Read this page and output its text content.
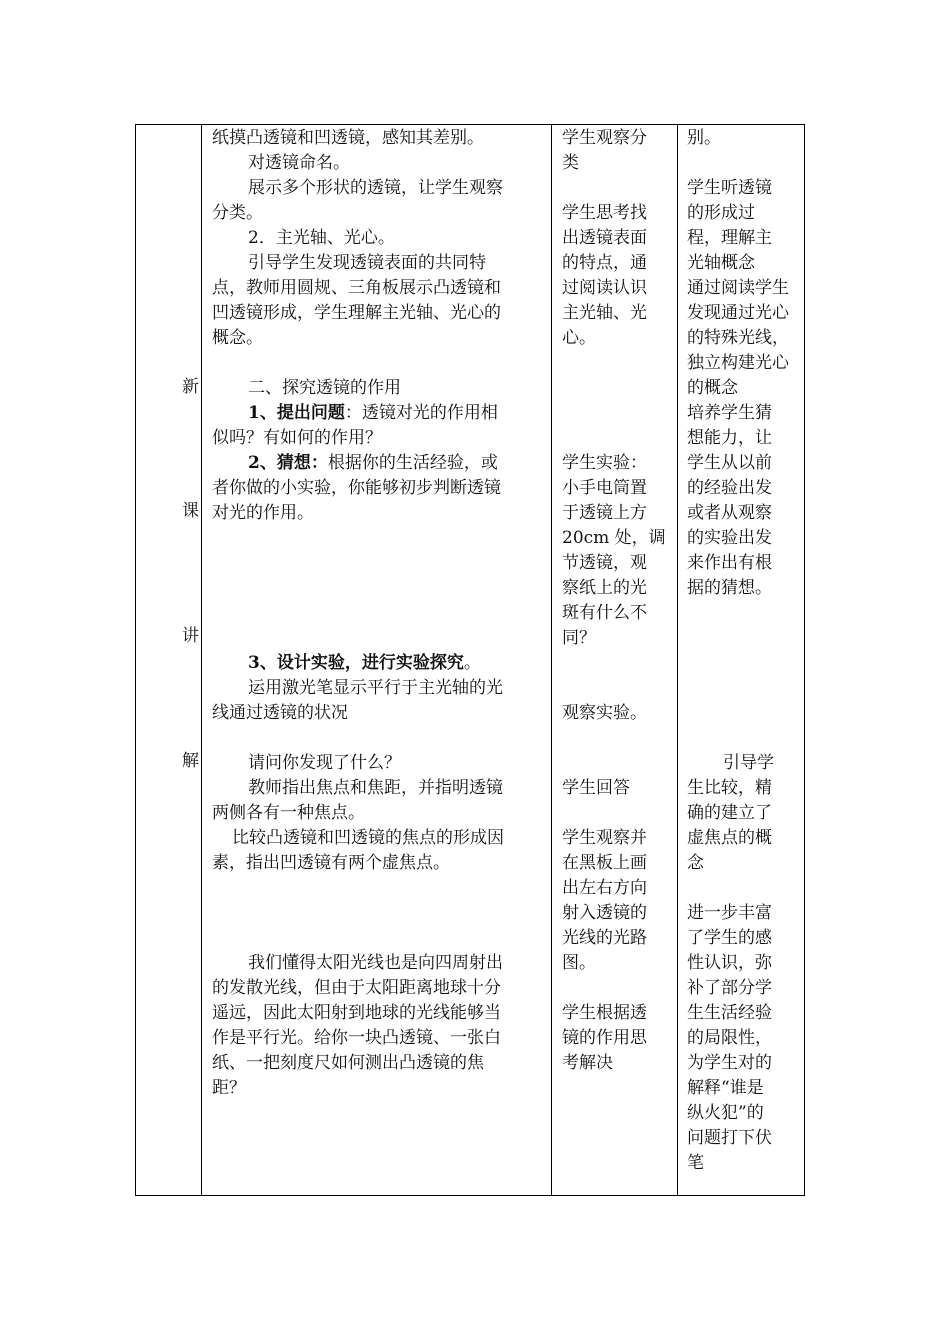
新
课
讲
解

纸摸凸透镜和凹透镜，感知其差别。

对透镜命名。

展示多个形状的透镜，让学生观察

分类。

2．主光轴、光心。

引导学生发现透镜表面的共同特

点，教师用圆规、三角板展示凸透镜和

凹透镜形成，学生理解主光轴、光心的

概念。

二、探究透镜的作用

1、提出问题：透镜对光的作用相

似吗？有如何的作用？

2、猜想：根据你的生活经验，或

者你做的小实验，你能够初步判断透镜

对光的作用。

3、设计实验，进行实验探究。

运用激光笔显示平行于主光轴的光

线通过透镜的状况

请问你发现了什么？

教师指出焦点和焦距，并指明透镜

两侧各有一种焦点。

比较凸透镜和凹透镜的焦点的形成因

素，指出凹透镜有两个虚焦点。

我们懂得太阳光线也是向四周射出

的发散光线，但由于太阳距离地球十分

遥远，因此太阳射到地球的光线能够当

作是平行光。给你一块凸透镜、一张白

纸、一把刻度尺如何测出凸透镜的焦

距？

学生观察分

类

学生思考找

出透镜表面

的特点，通

过阅读认识

主光轴、光

心。

学生实验：

小手电筒置

于透镜上方

20cm 处，调

节透镜，观

察纸上的光

斑有什么不

同？

观察实验。

学生回答

学生观察并

在黑板上画

出左右方向

射入透镜的

光线的光路

图。

学生根据透

镜的作用思

考解决

别。

学生听透镜

的形成过

程，理解主

光轴概念

通过阅读学生

发现通过光心

的特殊光线，

独立构建光心

的概念

培养学生猜

想能力，让

学生从以前

的经验出发

或者从观察

的实验出发

来作出有根

据的猜想。

引导学

生比较，精

确的建立了

虚焦点的概

念

进一步丰富

了学生的感

性认识，弥

补了部分学

生生活经验

的局限性，

为学生对的

解释“谁是

纵火犯”的

问题打下伏

笔
